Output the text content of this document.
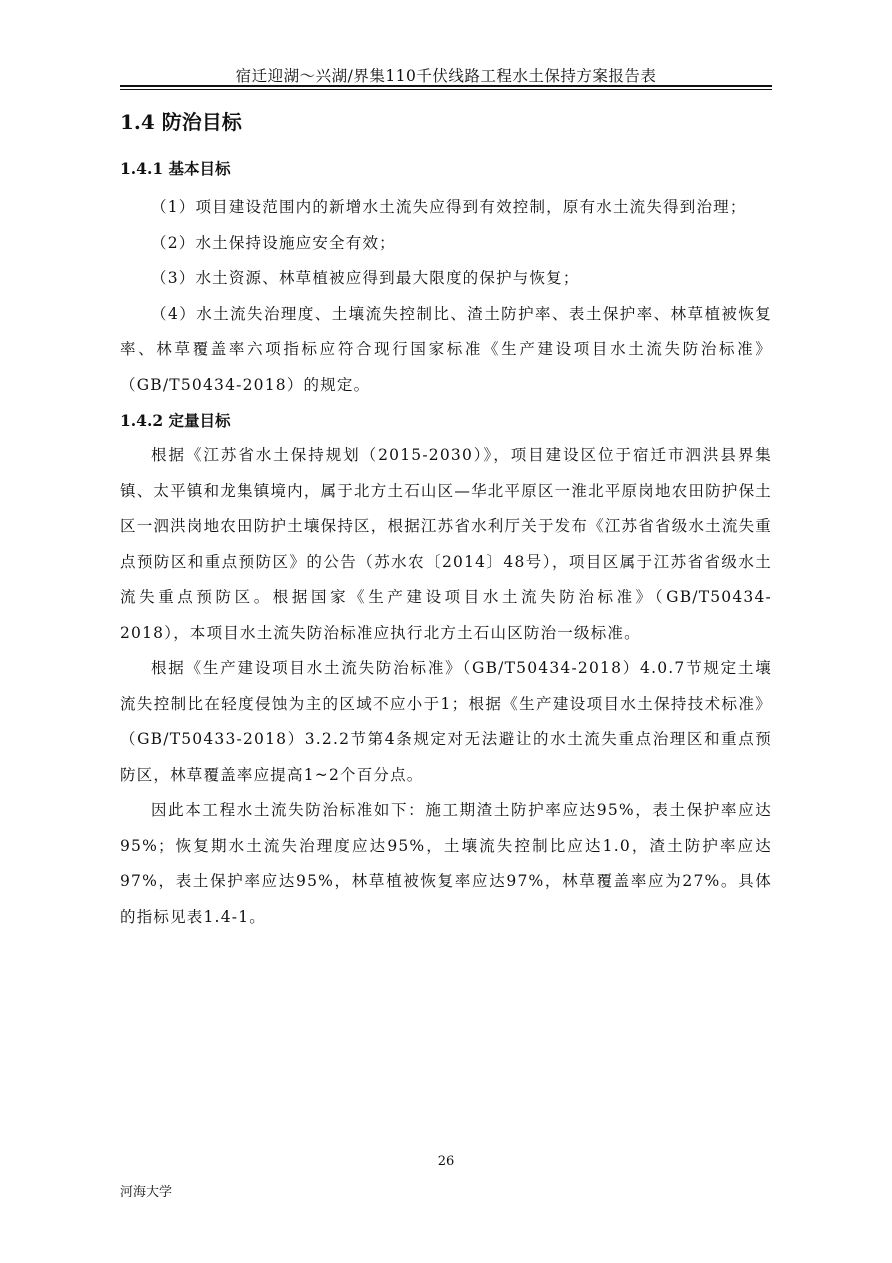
宿迁迎湖～兴湖/界集110千伏线路工程水土保持方案报告表
1.4 防治目标
1.4.1 基本目标

（1）项目建设范围内的新增水土流失应得到有效控制，原有水土流失得到治理；

（2）水土保持设施应安全有效；

（3）水土资源、林草植被应得到最大限度的保护与恢复；

（4）水土流失治理度、土壤流失控制比、渣土防护率、表土保护率、林草植被恢复率、林草覆盖率六项指标应符合现行国家标准《生产建设项目水土流失防治标准》（GB/T50434-2018）的规定。

1.4.2 定量目标

根据《江苏省水土保持规划（2015-2030）》，项目建设区位于宿迁市泗洪县界集镇、太平镇和龙集镇境内，属于北方土石山区—华北平原区一淮北平原岗地农田防护保土区一泗洪岗地农田防护土壤保持区，根据江苏省水利厅关于发布《江苏省省级水土流失重点预防区和重点预防区》的公告（苏水农〔2014〕48号），项目区属于江苏省省级水土流失重点预防区。根据国家《生产建设项目水土流失防治标准》（GB/T50434-2018），本项目水土流失防治标准应执行北方土石山区防治一级标准。

根据《生产建设项目水土流失防治标准》（GB/T50434-2018）4.0.7节规定土壤流失控制比在轻度侵蚀为主的区域不应小于1；根据《生产建设项目水土保持技术标准》（GB/T50433-2018）3.2.2节第4条规定对无法避让的水土流失重点治理区和重点预防区，林草覆盖率应提高1~2个百分点。

因此本工程水土流失防治标准如下：施工期渣土防护率应达95%，表土保护率应达95%；恢复期水土流失治理度应达95%，土壤流失控制比应达1.0，渣土防护率应达97%，表土保护率应达95%，林草植被恢复率应达97%，林草覆盖率应为27%。具体的指标见表1.4-1。

26
河海大学
